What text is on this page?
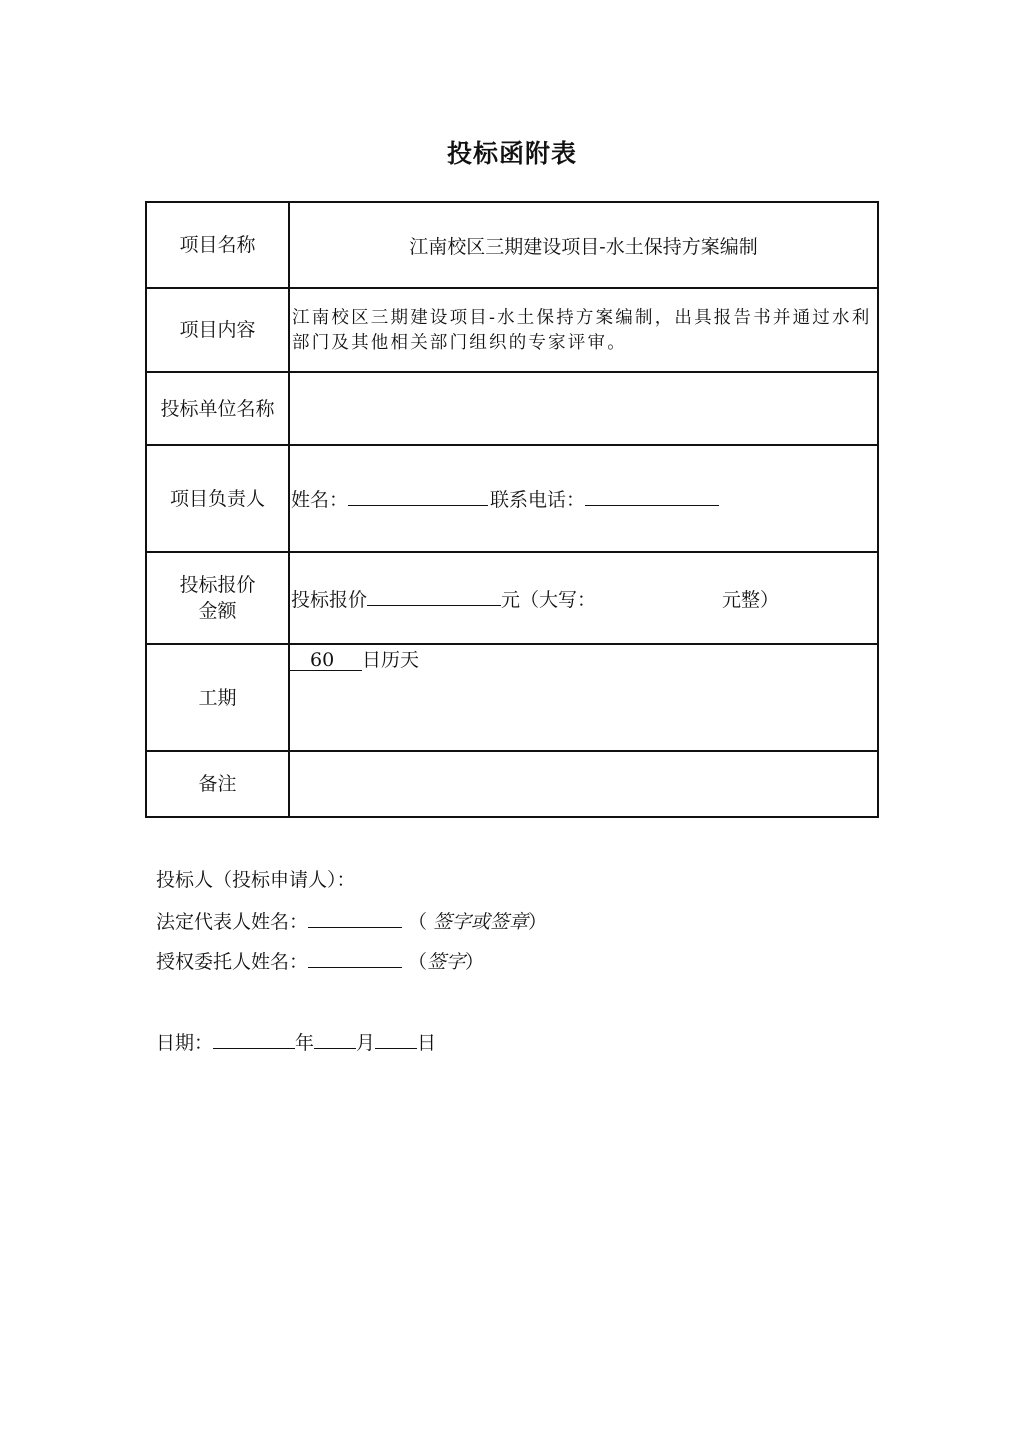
投标函附表
项目名称	江南校区三期建设项目-水土保持方案编制
项目内容	江南校区三期建设项目-水土保持方案编制，出具报告书并通过水利部门及其他相关部门组织的专家评审。
投标单位名称	
项目负责人	姓名： 联系电话：

投标报价
金额	投标报价 元（大写： 元整）

工期	60 日历天
备注	
投标人（投标申请人）：
法定代表人姓名：	（ 签字或签章）
授权委托人姓名：	（签字）
日期：	年 月 日
